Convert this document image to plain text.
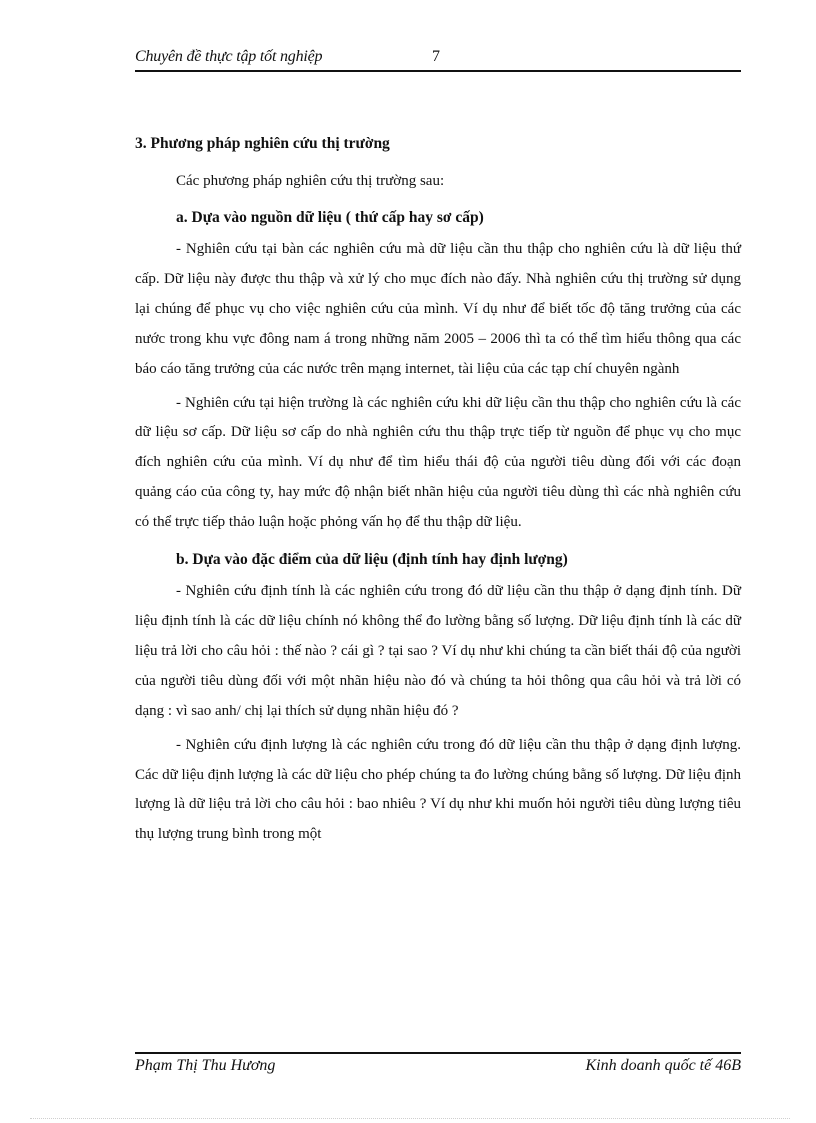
Chuyên đề thực tập tốt nghiệp	7

3. Phương pháp nghiên cứu thị trường

Các phương pháp nghiên cứu thị trường sau:

a. Dựa vào nguồn dữ liệu ( thứ cấp hay sơ cấp)

- Nghiên cứu tại bàn các nghiên cứu mà dữ liệu cần thu thập cho nghiên cứu là dữ liệu thứ cấp. Dữ liệu này được thu thập và xử lý cho mục đích nào đấy. Nhà nghiên cứu thị trường sử dụng lại chúng để phục vụ cho việc nghiên cứu của mình. Ví dụ như để biết tốc độ tăng trưởng của các nước trong khu vực đông nam á trong những năm 2005 – 2006 thì ta có thể tìm hiểu thông qua các báo cáo tăng trưởng của các nước trên mạng internet, tài liệu của các tạp chí chuyên ngành

- Nghiên cứu tại hiện trường là các nghiên cứu khi dữ liệu cần thu thập cho nghiên cứu là các dữ liệu sơ cấp. Dữ liệu sơ cấp do nhà nghiên cứu thu thập trực tiếp từ nguồn để phục vụ cho mục đích nghiên cứu của mình. Ví dụ như để tìm hiểu thái độ của người tiêu dùng đối với các đoạn quảng cáo của công ty, hay mức độ nhận biết nhãn hiệu của người tiêu dùng thì các nhà nghiên cứu có thể trực tiếp thảo luận hoặc phỏng vấn họ để thu thập dữ liệu.

b. Dựa vào đặc điểm của dữ liệu (định tính hay định lượng)

- Nghiên cứu định tính là các nghiên cứu trong đó dữ liệu cần thu thập ở dạng định tính. Dữ liệu định tính là các dữ liệu chính nó không thể đo lường bằng số lượng. Dữ liệu định tính là các dữ liệu trả lời cho câu hỏi : thế nào ? cái gì ? tại sao ? Ví dụ như khi chúng ta cần biết thái độ của người của người tiêu dùng đối với một nhãn hiệu nào đó và chúng ta hỏi thông qua câu hỏi và trả lời có dạng : vì sao anh/ chị lại thích sử dụng nhãn hiệu đó ?

- Nghiên cứu định lượng là các nghiên cứu trong đó dữ liệu cần thu thập ở dạng định lượng. Các dữ liệu định lượng là các dữ liệu cho phép chúng ta đo lường chúng bằng số lượng. Dữ liệu định lượng là dữ liệu trả lời cho câu hỏi : bao nhiêu ? Ví dụ như khi muốn hỏi người tiêu dùng lượng tiêu thụ lượng trung bình trong một

Phạm Thị Thu Hương	Kinh doanh quốc tế 46B
